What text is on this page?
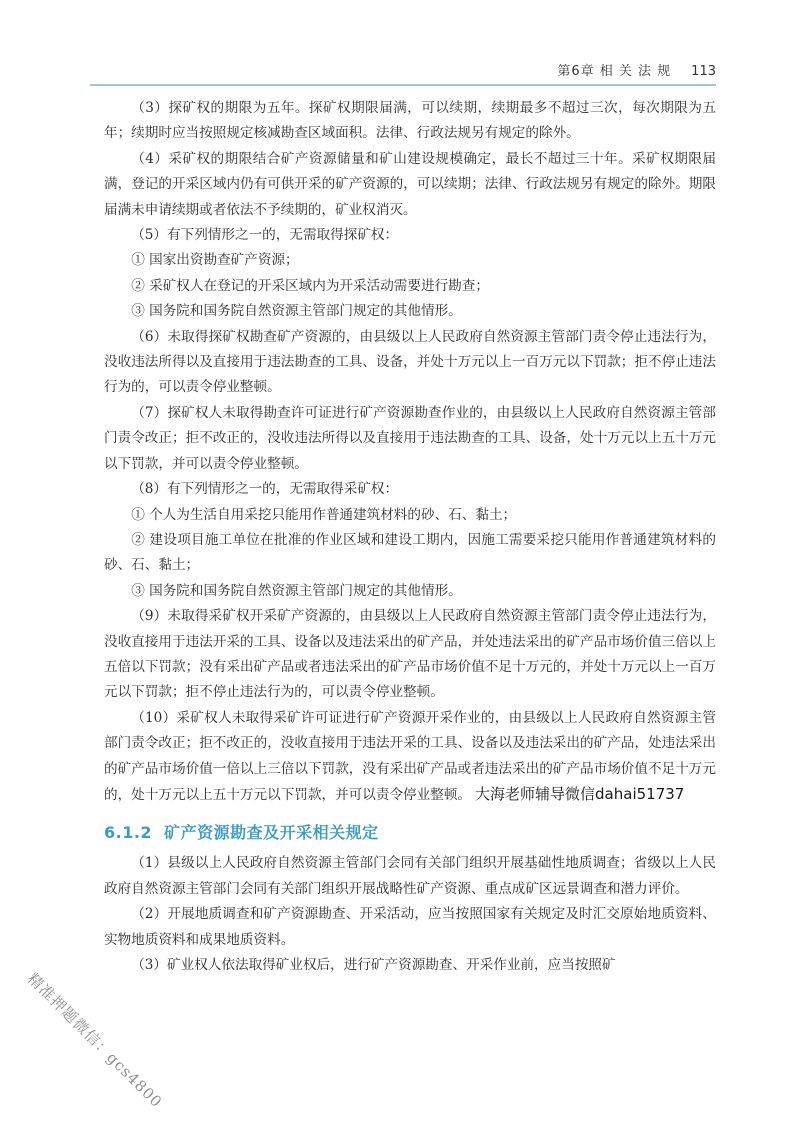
第6章 相 关 法 规 113

（3）探矿权的期限为五年。探矿权期限届满，可以续期，续期最多不超过三次，每次期限为五年；续期时应当按照规定核减勘查区域面积。法律、行政法规另有规定的除外。

（4）采矿权的期限结合矿产资源储量和矿山建设规模确定，最长不超过三十年。采矿权期限届满，登记的开采区域内仍有可供开采的矿产资源的，可以续期；法律、行政法规另有规定的除外。期限届满未申请续期或者依法不予续期的，矿业权消灭。

（5）有下列情形之一的，无需取得探矿权：

① 国家出资勘查矿产资源；

② 采矿权人在登记的开采区域内为开采活动需要进行勘查；

③ 国务院和国务院自然资源主管部门规定的其他情形。

（6）未取得探矿权勘查矿产资源的，由县级以上人民政府自然资源主管部门责令停止违法行为，没收违法所得以及直接用于违法勘查的工具、设备，并处十万元以上一百万元以下罚款；拒不停止违法行为的，可以责令停业整顿。

（7）探矿权人未取得勘查许可证进行矿产资源勘查作业的，由县级以上人民政府自然资源主管部门责令改正；拒不改正的，没收违法所得以及直接用于违法勘查的工具、设备，处十万元以上五十万元以下罚款，并可以责令停业整顿。

（8）有下列情形之一的，无需取得采矿权：

① 个人为生活自用采挖只能用作普通建筑材料的砂、石、黏土；

② 建设项目施工单位在批准的作业区域和建设工期内，因施工需要采挖只能用作普通建筑材料的砂、石、黏土；

③ 国务院和国务院自然资源主管部门规定的其他情形。

（9）未取得采矿权开采矿产资源的，由县级以上人民政府自然资源主管部门责令停止违法行为，没收直接用于违法开采的工具、设备以及违法采出的矿产品，并处违法采出的矿产品市场价值三倍以上五倍以下罚款；没有采出矿产品或者违法采出的矿产品市场价值不足十万元的，并处十万元以上一百万元以下罚款；拒不停止违法行为的，可以责令停业整顿。

（10）采矿权人未取得采矿许可证进行矿产资源开采作业的，由县级以上人民政府自然资源主管部门责令改正；拒不改正的，没收直接用于违法开采的工具、设备以及违法采出的矿产品，处违法采出的矿产品市场价值一倍以上三倍以下罚款，没有采出矿产品或者违法采出的矿产品市场价值不足十万元的，处十万元以上五十万元以下罚款，并可以责令停业整顿。 大海老师辅导微信dahai51737

6.1.2 矿产资源勘查及开采相关规定

（1）县级以上人民政府自然资源主管部门会同有关部门组织开展基础性地质调查；省级以上人民政府自然资源主管部门会同有关部门组织开展战略性矿产资源、重点成矿区远景调查和潜力评价。

（2）开展地质调查和矿产资源勘查、开采活动，应当按照国家有关规定及时汇交原始地质资料、实物地质资料和成果地质资料。

（3）矿业权人依法取得矿业权后，进行矿产资源勘查、开采作业前，应当按照矿

精准押题微信：gcs4800
